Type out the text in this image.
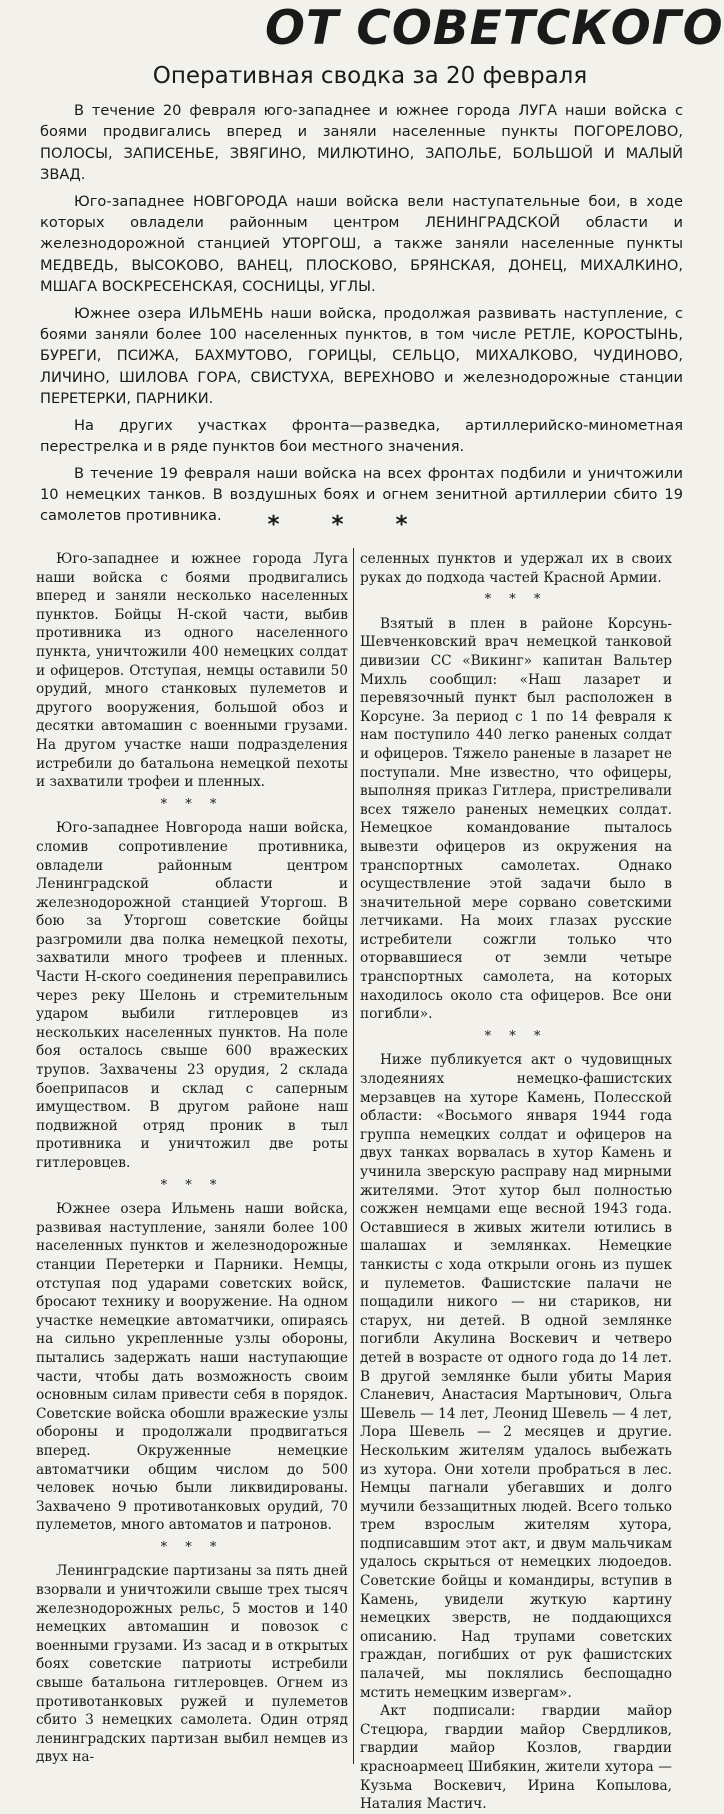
ОТ СОВЕТСКОГО
Оперативная сводка за 20 февраля

В течение 20 февраля юго-западнее и южнее города ЛУГА наши войска с боями продвигались вперед и заняли населенные пункты ПОГОРЕЛОВО, ПОЛОСЫ, ЗАПИСЕНЬЕ, ЗВЯГИНО, МИЛЮТИНО, ЗАПОЛЬЕ, БОЛЬШОЙ И МАЛЫЙ ЗВАД.

Юго-западнее НОВГОРОДА наши войска вели наступательные бои, в ходе которых овладели районным центром ЛЕНИНГРАДСКОЙ области и железнодорожной станцией УТОРГОШ, а также заняли населенные пункты МЕДВЕДЬ, ВЫСОКОВО, ВАНЕЦ, ПЛОСКОВО, БРЯНСКАЯ, ДОНЕЦ, МИХАЛКИНО, МШАГА ВОСКРЕСЕНСКАЯ, СОСНИЦЫ, УГЛЫ.

Южнее озера ИЛЬМЕНЬ наши войска, продолжая развивать наступление, с боями заняли более 100 населенных пунктов, в том числе РЕТЛЕ, КОРОСТЫНЬ, БУРЕГИ, ПСИЖА, БАХМУТОВО, ГОРИЦЫ, СЕЛЬЦО, МИХАЛКОВО, ЧУДИНОВО, ЛИЧИНО, ШИЛОВА ГОРА, СВИСТУХА, ВЕРЕХНОВО и железнодорожные станции ПЕРЕТЕРКИ, ПАРНИКИ.

На других участках фронта—разведка, артиллерийско-минометная перестрелка и в ряде пунктов бои местного значения.

В течение 19 февраля наши войска на всех фронтах подбили и уничтожили 10 немецких танков. В воздушных боях и огнем зенитной артиллерии сбито 19 самолетов противника.	* * *

Юго-западнее и южнее города Луга наши войска с боями продвигались вперед и заняли несколько населенных пунктов. Бойцы Н-ской части, выбив противника из одного населенного пункта, уничтожили 400 немецких солдат и офицеров. Отступая, немцы оставили 50 орудий, много станковых пулеметов и другого вооружения, большой обоз и десятки автомашин с военными грузами. На другом участке наши подразделения истребили до батальона немецкой пехоты и захватили трофеи и пленных.

* * *

Юго-западнее Новгорода наши войска, сломив сопротивление противника, овладели районным центром Ленинградской области и железнодорожной станцией Уторгош. В бою за Уторгош советские бойцы разгромили два полка немецкой пехоты, захватили много трофеев и пленных. Части Н-ского соединения переправились через реку Шелонь и стремительным ударом выбили гитлеровцев из нескольких населенных пунктов. На поле боя осталось свыше 600 вражеских трупов. Захвачены 23 орудия, 2 склада боеприпасов и склад с саперным имуществом. В другом районе наш подвижной отряд проник в тыл противника и уничтожил две роты гитлеровцев.

* * *

Южнее озера Ильмень наши войска, развивая наступление, заняли более 100 населенных пунктов и железнодорожные станции Перетерки и Парники. Немцы, отступая под ударами советских войск, бросают технику и вооружение. На одном участке немецкие автоматчики, опираясь на сильно укрепленные узлы обороны, пытались задержать наши наступающие части, чтобы дать возможность своим основным силам привести себя в порядок. Советские войска обошли вражеские узлы обороны и продолжали продвигаться вперед. Окруженные немецкие автоматчики общим числом до 500 человек ночью были ликвидированы. Захвачено 9 противотанковых орудий, 70 пулеметов, много автоматов и патронов.

* * *

Ленинградские партизаны за пять дней взорвали и уничтожили свыше трех тысяч железнодорожных рельс, 5 мостов и 140 немецких автомашин и повозок с военными грузами. Из засад и в открытых боях советские патриоты истребили свыше батальона гитлеровцев. Огнем из противотанковых ружей и пулеметов сбито 3 немецких самолета. Один отряд ленинградских партизан выбил немцев из двух на-

селенных пунктов и удержал их в своих руках до подхода частей Красной Армии.

* * *

Взятый в плен в районе Корсунь-Шевченковский врач немецкой танковой дивизии СС «Викинг» капитан Вальтер Михль сообщил: «Наш лазарет и перевязочный пункт был расположен в Корсуне. За период с 1 по 14 февраля к нам поступило 440 легко раненых солдат и офицеров. Тяжело раненые в лазарет не поступали. Мне известно, что офицеры, выполняя приказ Гитлера, пристреливали всех тяжело раненых немецких солдат. Немецкое командование пыталось вывезти офицеров из окружения на транспортных самолетах. Однако осуществление этой задачи было в значительной мере сорвано советскими летчиками. На моих глазах русские истребители сожгли только что оторвавшиеся от земли четыре транспортных самолета, на которых находилось около ста офицеров. Все они погибли».

* * *

Ниже публикуется акт о чудовищных злодеяниях немецко-фашистских мерзавцев на хуторе Камень, Полесской области: «Восьмого января 1944 года группа немецких солдат и офицеров на двух танках ворвалась в хутор Камень и учинила зверскую расправу над мирными жителями. Этот хутор был полностью сожжен немцами еще весной 1943 года. Оставшиеся в живых жители ютились в шалашах и землянках. Немецкие танкисты с хода открыли огонь из пушек и пулеметов. Фашистские палачи не пощадили никого — ни стариков, ни старух, ни детей. В одной землянке погибли Акулина Воскевич и четверо детей в возрасте от одного года до 14 лет. В другой землянке были убиты Мария Сланевич, Анастасия Мартынович, Ольга Шевель — 14 лет, Леонид Шевель — 4 лет, Лора Шевель — 2 месяцев и другие. Нескольким жителям удалось выбежать из хутора. Они хотели пробраться в лес. Немцы пагнали убегавших и долго мучили беззащитных людей. Всего только трем взрослым жителям хутора, подписавшим этот акт, и двум мальчикам удалось скрыться от немецких людоедов. Советские бойцы и командиры, вступив в Камень, увидели жуткую картину немецких зверств, не поддающихся описанию. Над трупами советских граждан, погибших от рук фашистских палачей, мы поклялись беспощадно мстить немецким извергам».

Акт подписали: гвардии майор Стецюра, гвардии майор Свердликов, гвардии майор Козлов, гвардии красноармеец Шибякин, жители хутора — Кузьма Воскевич, Ирина Копылова, Наталия Мастич.
